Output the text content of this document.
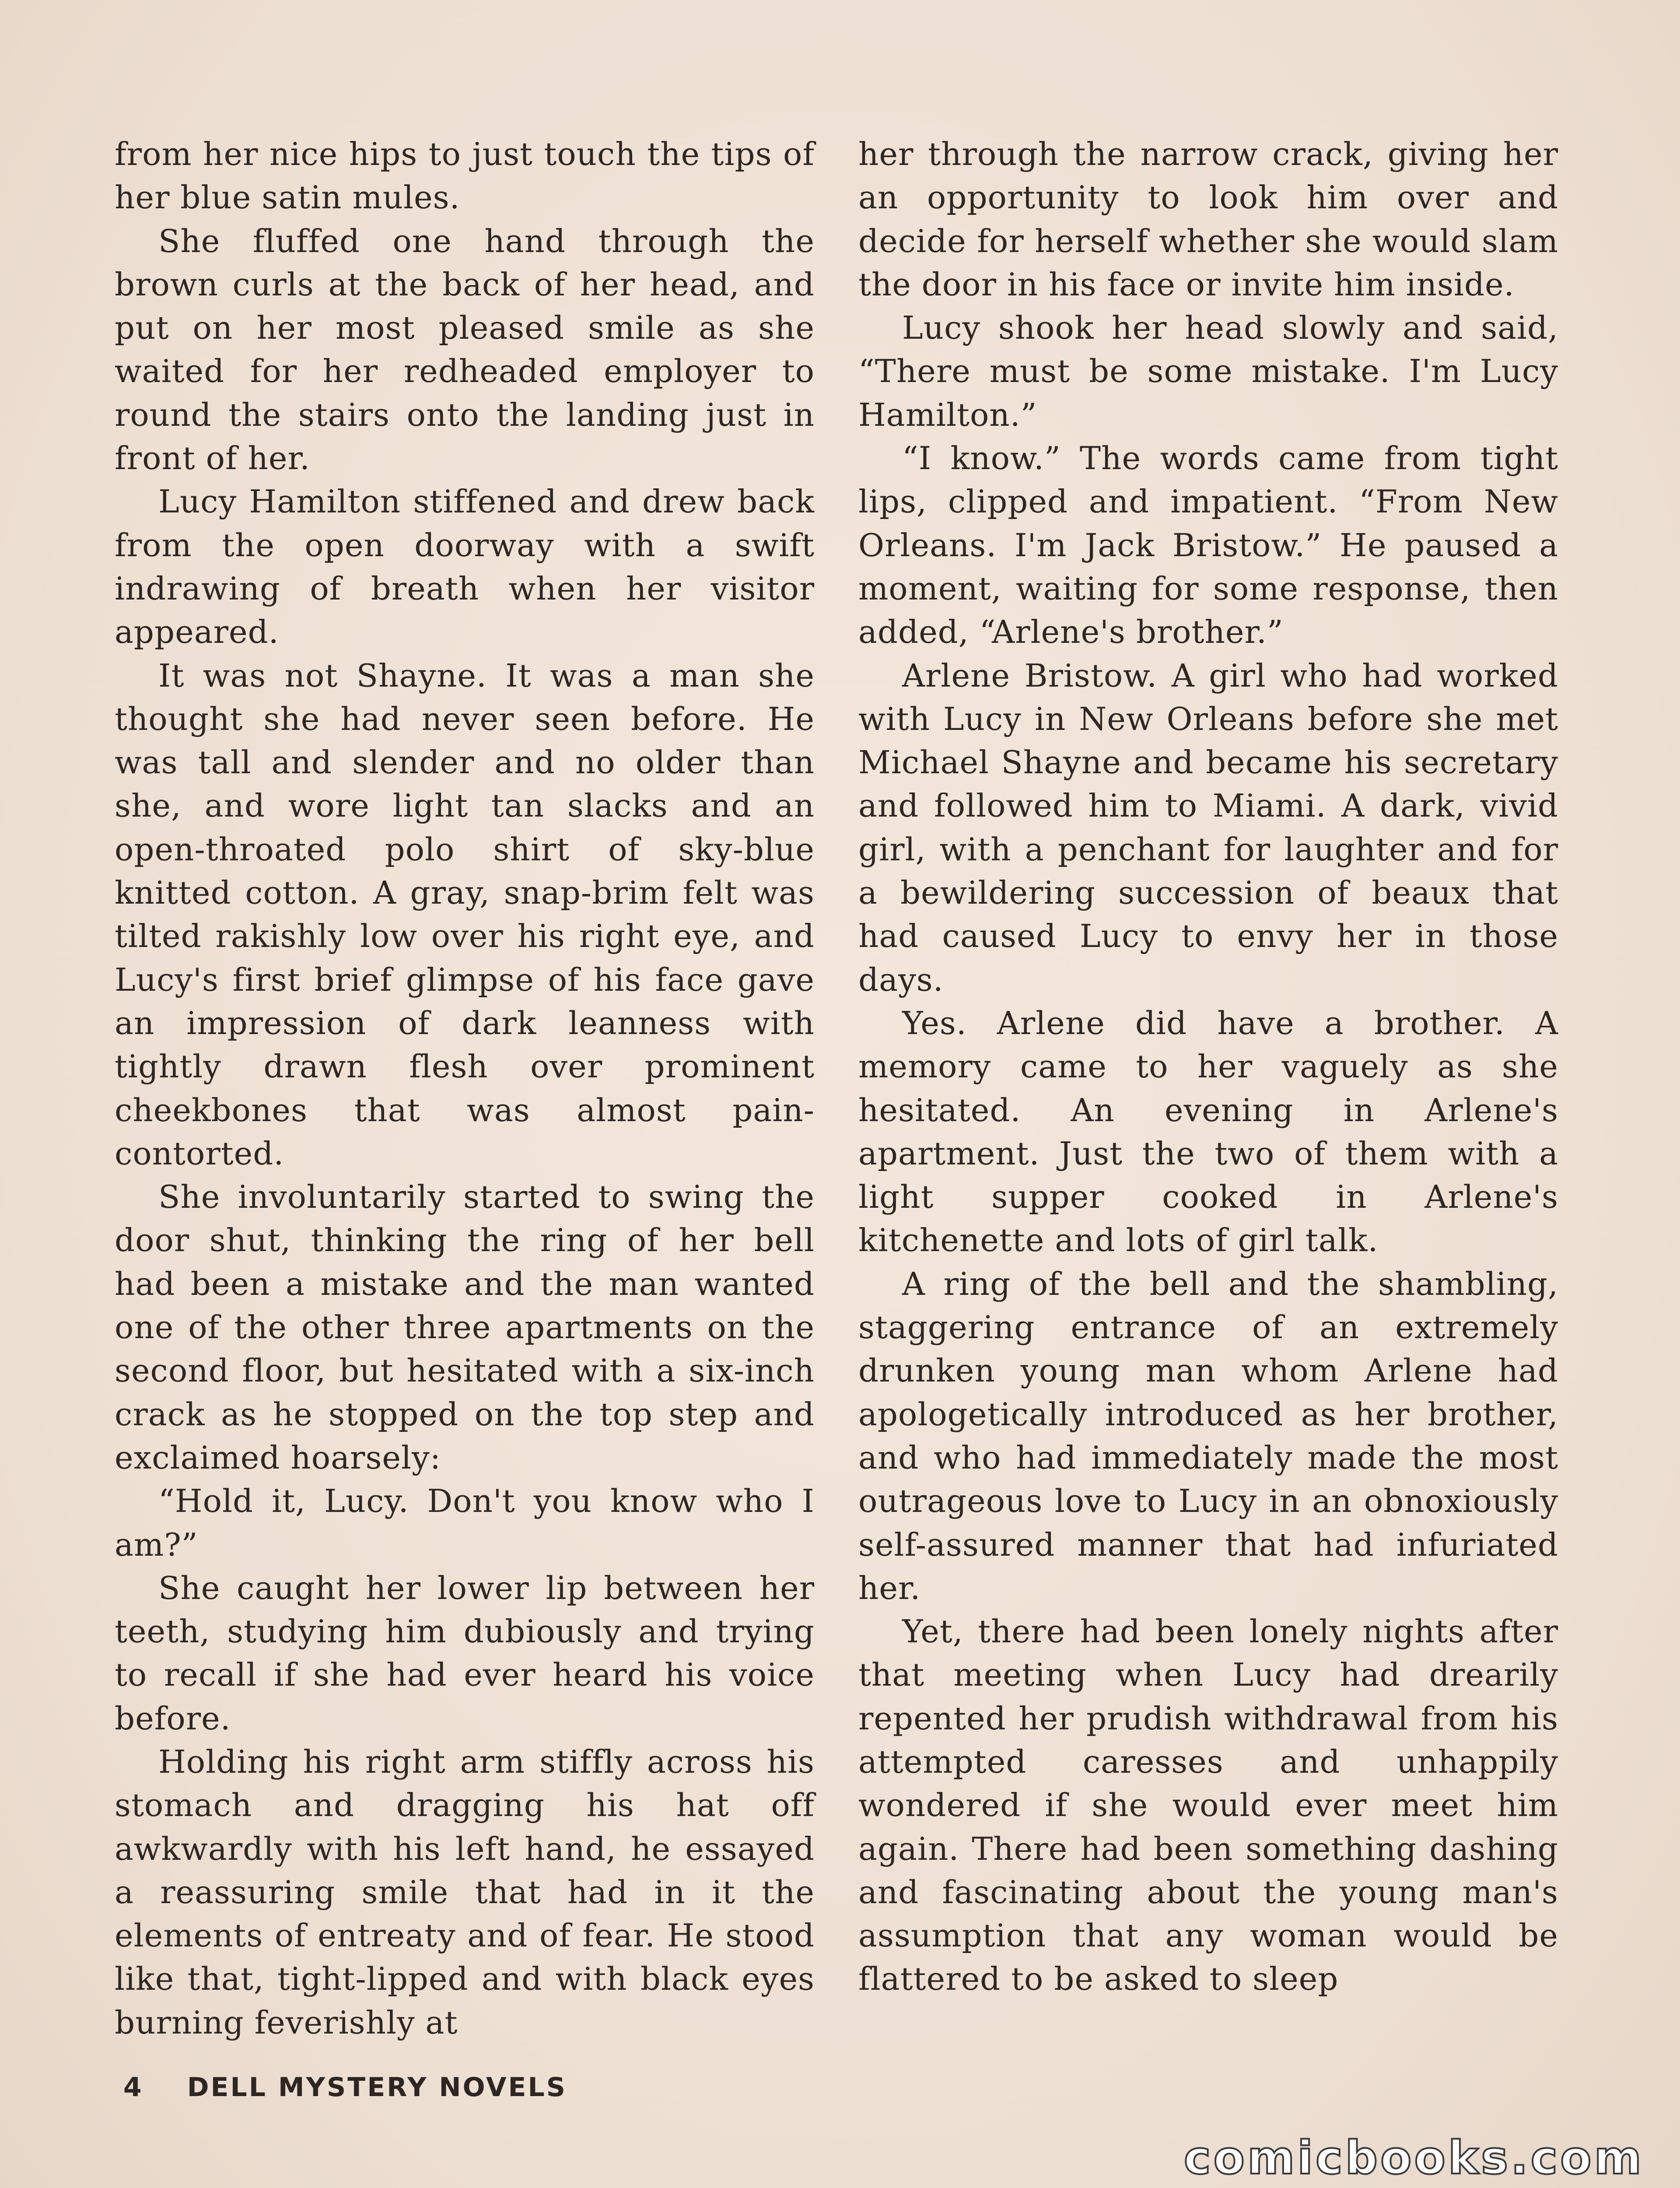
from her nice hips to just touch the tips of her blue satin mules.

She fluffed one hand through the brown curls at the back of her head, and put on her most pleased smile as she waited for her redheaded employer to round the stairs onto the landing just in front of her.

Lucy Hamilton stiffened and drew back from the open doorway with a swift indrawing of breath when her visitor appeared.

It was not Shayne. It was a man she thought she had never seen before. He was tall and slender and no older than she, and wore light tan slacks and an open-throated polo shirt of sky-blue knitted cotton. A gray, snap-brim felt was tilted rakishly low over his right eye, and Lucy's first brief glimpse of his face gave an impression of dark leanness with tightly drawn flesh over prominent cheekbones that was almost pain-contorted.

She involuntarily started to swing the door shut, thinking the ring of her bell had been a mistake and the man wanted one of the other three apartments on the second floor, but hesitated with a six-inch crack as he stopped on the top step and exclaimed hoarsely:

“Hold it, Lucy. Don't you know who I am?”

She caught her lower lip between her teeth, studying him dubiously and trying to recall if she had ever heard his voice before.

Holding his right arm stiffly across his stomach and dragging his hat off awkwardly with his left hand, he essayed a reassuring smile that had in it the elements of entreaty and of fear. He stood like that, tight-lipped and with black eyes burning feverishly at

her through the narrow crack, giving her an opportunity to look him over and decide for herself whether she would slam the door in his face or invite him inside.

Lucy shook her head slowly and said, “There must be some mistake. I'm Lucy Hamilton.”

“I know.” The words came from tight lips, clipped and impatient. “From New Orleans. I'm Jack Bristow.” He paused a moment, waiting for some response, then added, “Arlene's brother.”

Arlene Bristow. A girl who had worked with Lucy in New Orleans before she met Michael Shayne and became his secretary and followed him to Miami. A dark, vivid girl, with a penchant for laughter and for a bewildering succession of beaux that had caused Lucy to envy her in those days.

Yes. Arlene did have a brother. A memory came to her vaguely as she hesitated. An evening in Arlene's apartment. Just the two of them with a light supper cooked in Arlene's kitchenette and lots of girl talk.

A ring of the bell and the shambling, staggering entrance of an extremely drunken young man whom Arlene had apologetically introduced as her brother, and who had immediately made the most outrageous love to Lucy in an obnoxiously self-assured manner that had infuriated her.

Yet, there had been lonely nights after that meeting when Lucy had drearily repented her prudish withdrawal from his attempted caresses and unhappily wondered if she would ever meet him again. There had been something dashing and fascinating about the young man's assumption that any woman would be flattered to be asked to sleep

4 DELL MYSTERY NOVELS
comicbooks.com
